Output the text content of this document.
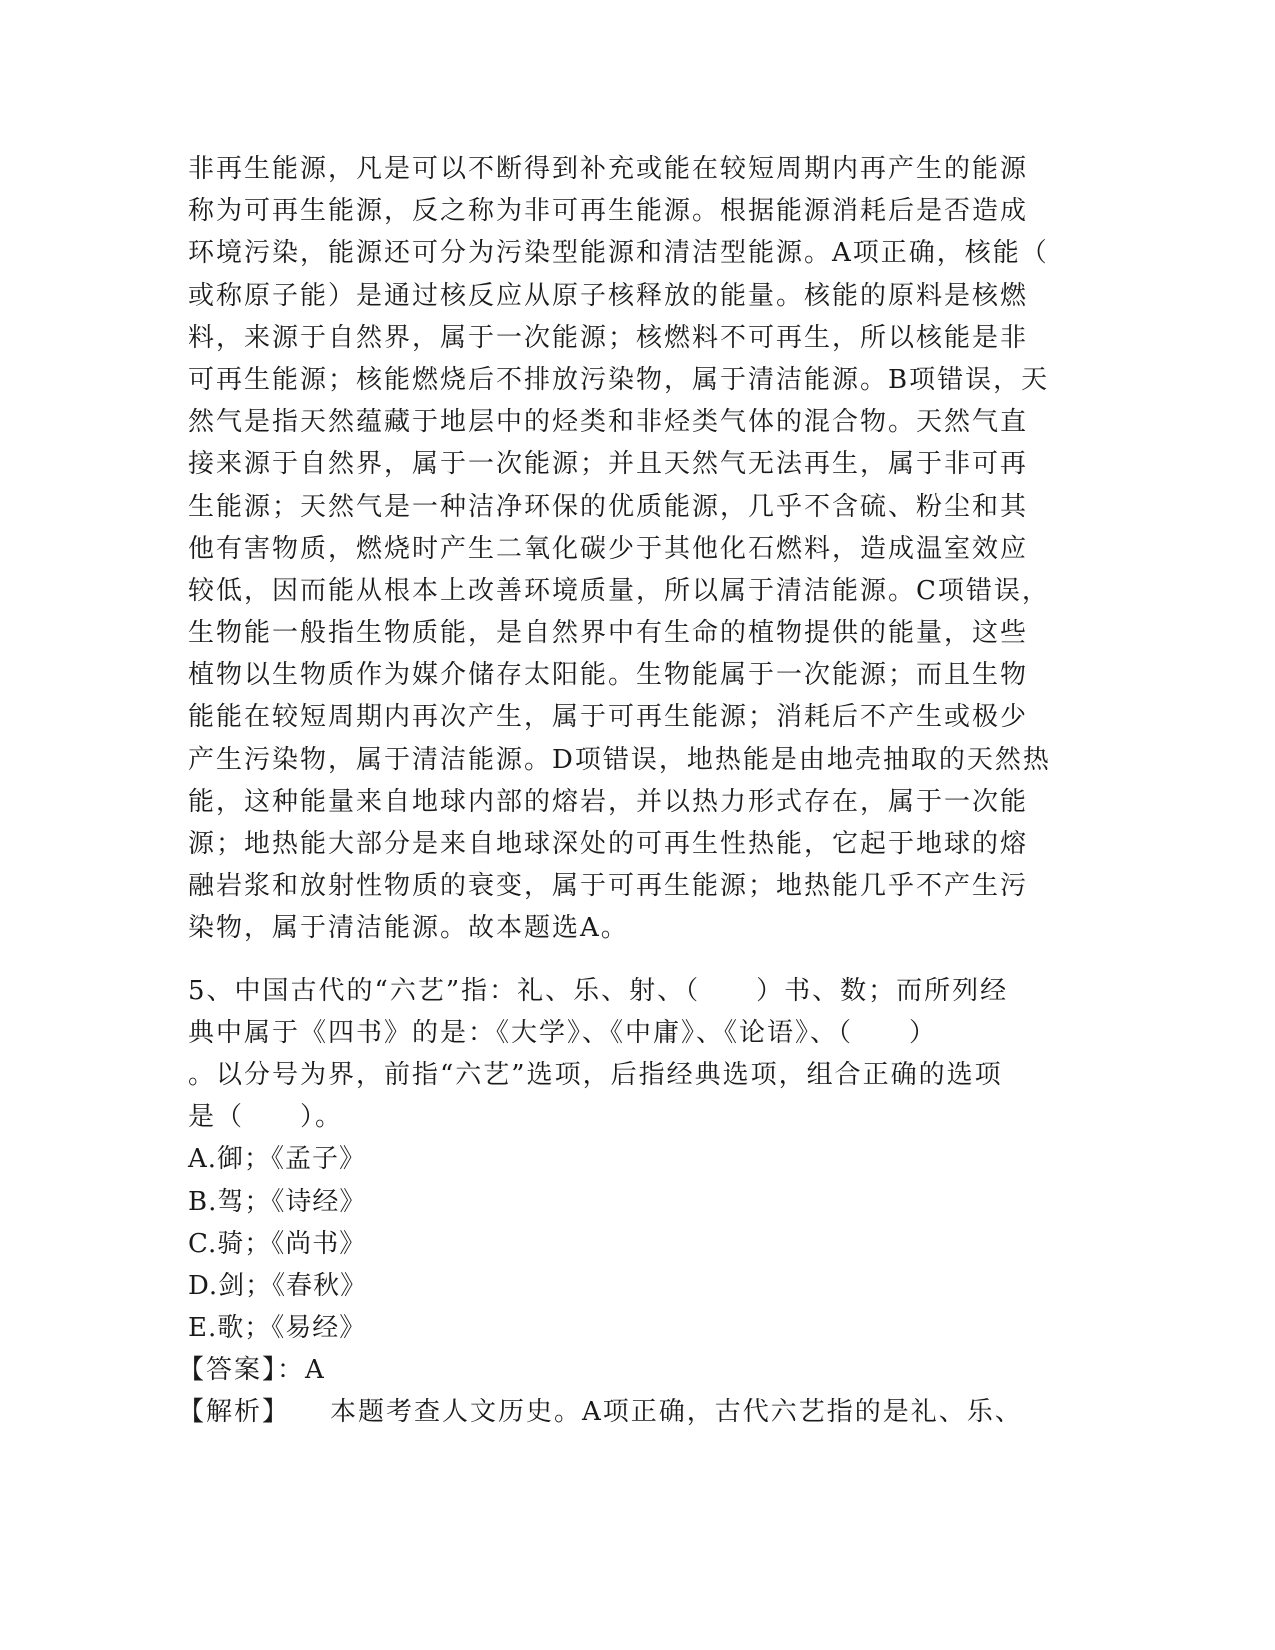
非再生能源，凡是可以不断得到补充或能在较短周期内再产生的能源
称为可再生能源，反之称为非可再生能源。根据能源消耗后是否造成
环境污染，能源还可分为污染型能源和清洁型能源。A项正确，核能（
或称原子能）是通过核反应从原子核释放的能量。核能的原料是核燃
料，来源于自然界，属于一次能源；核燃料不可再生，所以核能是非
可再生能源；核能燃烧后不排放污染物，属于清洁能源。B项错误，天
然气是指天然蕴藏于地层中的烃类和非烃类气体的混合物。天然气直
接来源于自然界，属于一次能源；并且天然气无法再生，属于非可再
生能源；天然气是一种洁净环保的优质能源，几乎不含硫、粉尘和其
他有害物质，燃烧时产生二氧化碳少于其他化石燃料，造成温室效应
较低，因而能从根本上改善环境质量，所以属于清洁能源。C项错误，
生物能一般指生物质能，是自然界中有生命的植物提供的能量，这些
植物以生物质作为媒介储存太阳能。生物能属于一次能源；而且生物
能能在较短周期内再次产生，属于可再生能源；消耗后不产生或极少
产生污染物，属于清洁能源。D项错误，地热能是由地壳抽取的天然热
能，这种能量来自地球内部的熔岩，并以热力形式存在，属于一次能
源；地热能大部分是来自地球深处的可再生性热能，它起于地球的熔
融岩浆和放射性物质的衰变，属于可再生能源；地热能几乎不产生污
染物，属于清洁能源。故本题选A。
5、中国古代的“六艺”指：礼、乐、射、（　　）书、数；而所列经
典中属于《四书》的是：《大学》、《中庸》、《论语》、（　　）
。以分号为界，前指“六艺”选项，后指经典选项，组合正确的选项
是（　　）。
A.御；《孟子》
B.驾；《诗经》
C.骑；《尚书》
D.剑；《春秋》
E.歌；《易经》
【答案】：A
【解析】 本题考查人文历史。A项正确，古代六艺指的是礼、乐、
